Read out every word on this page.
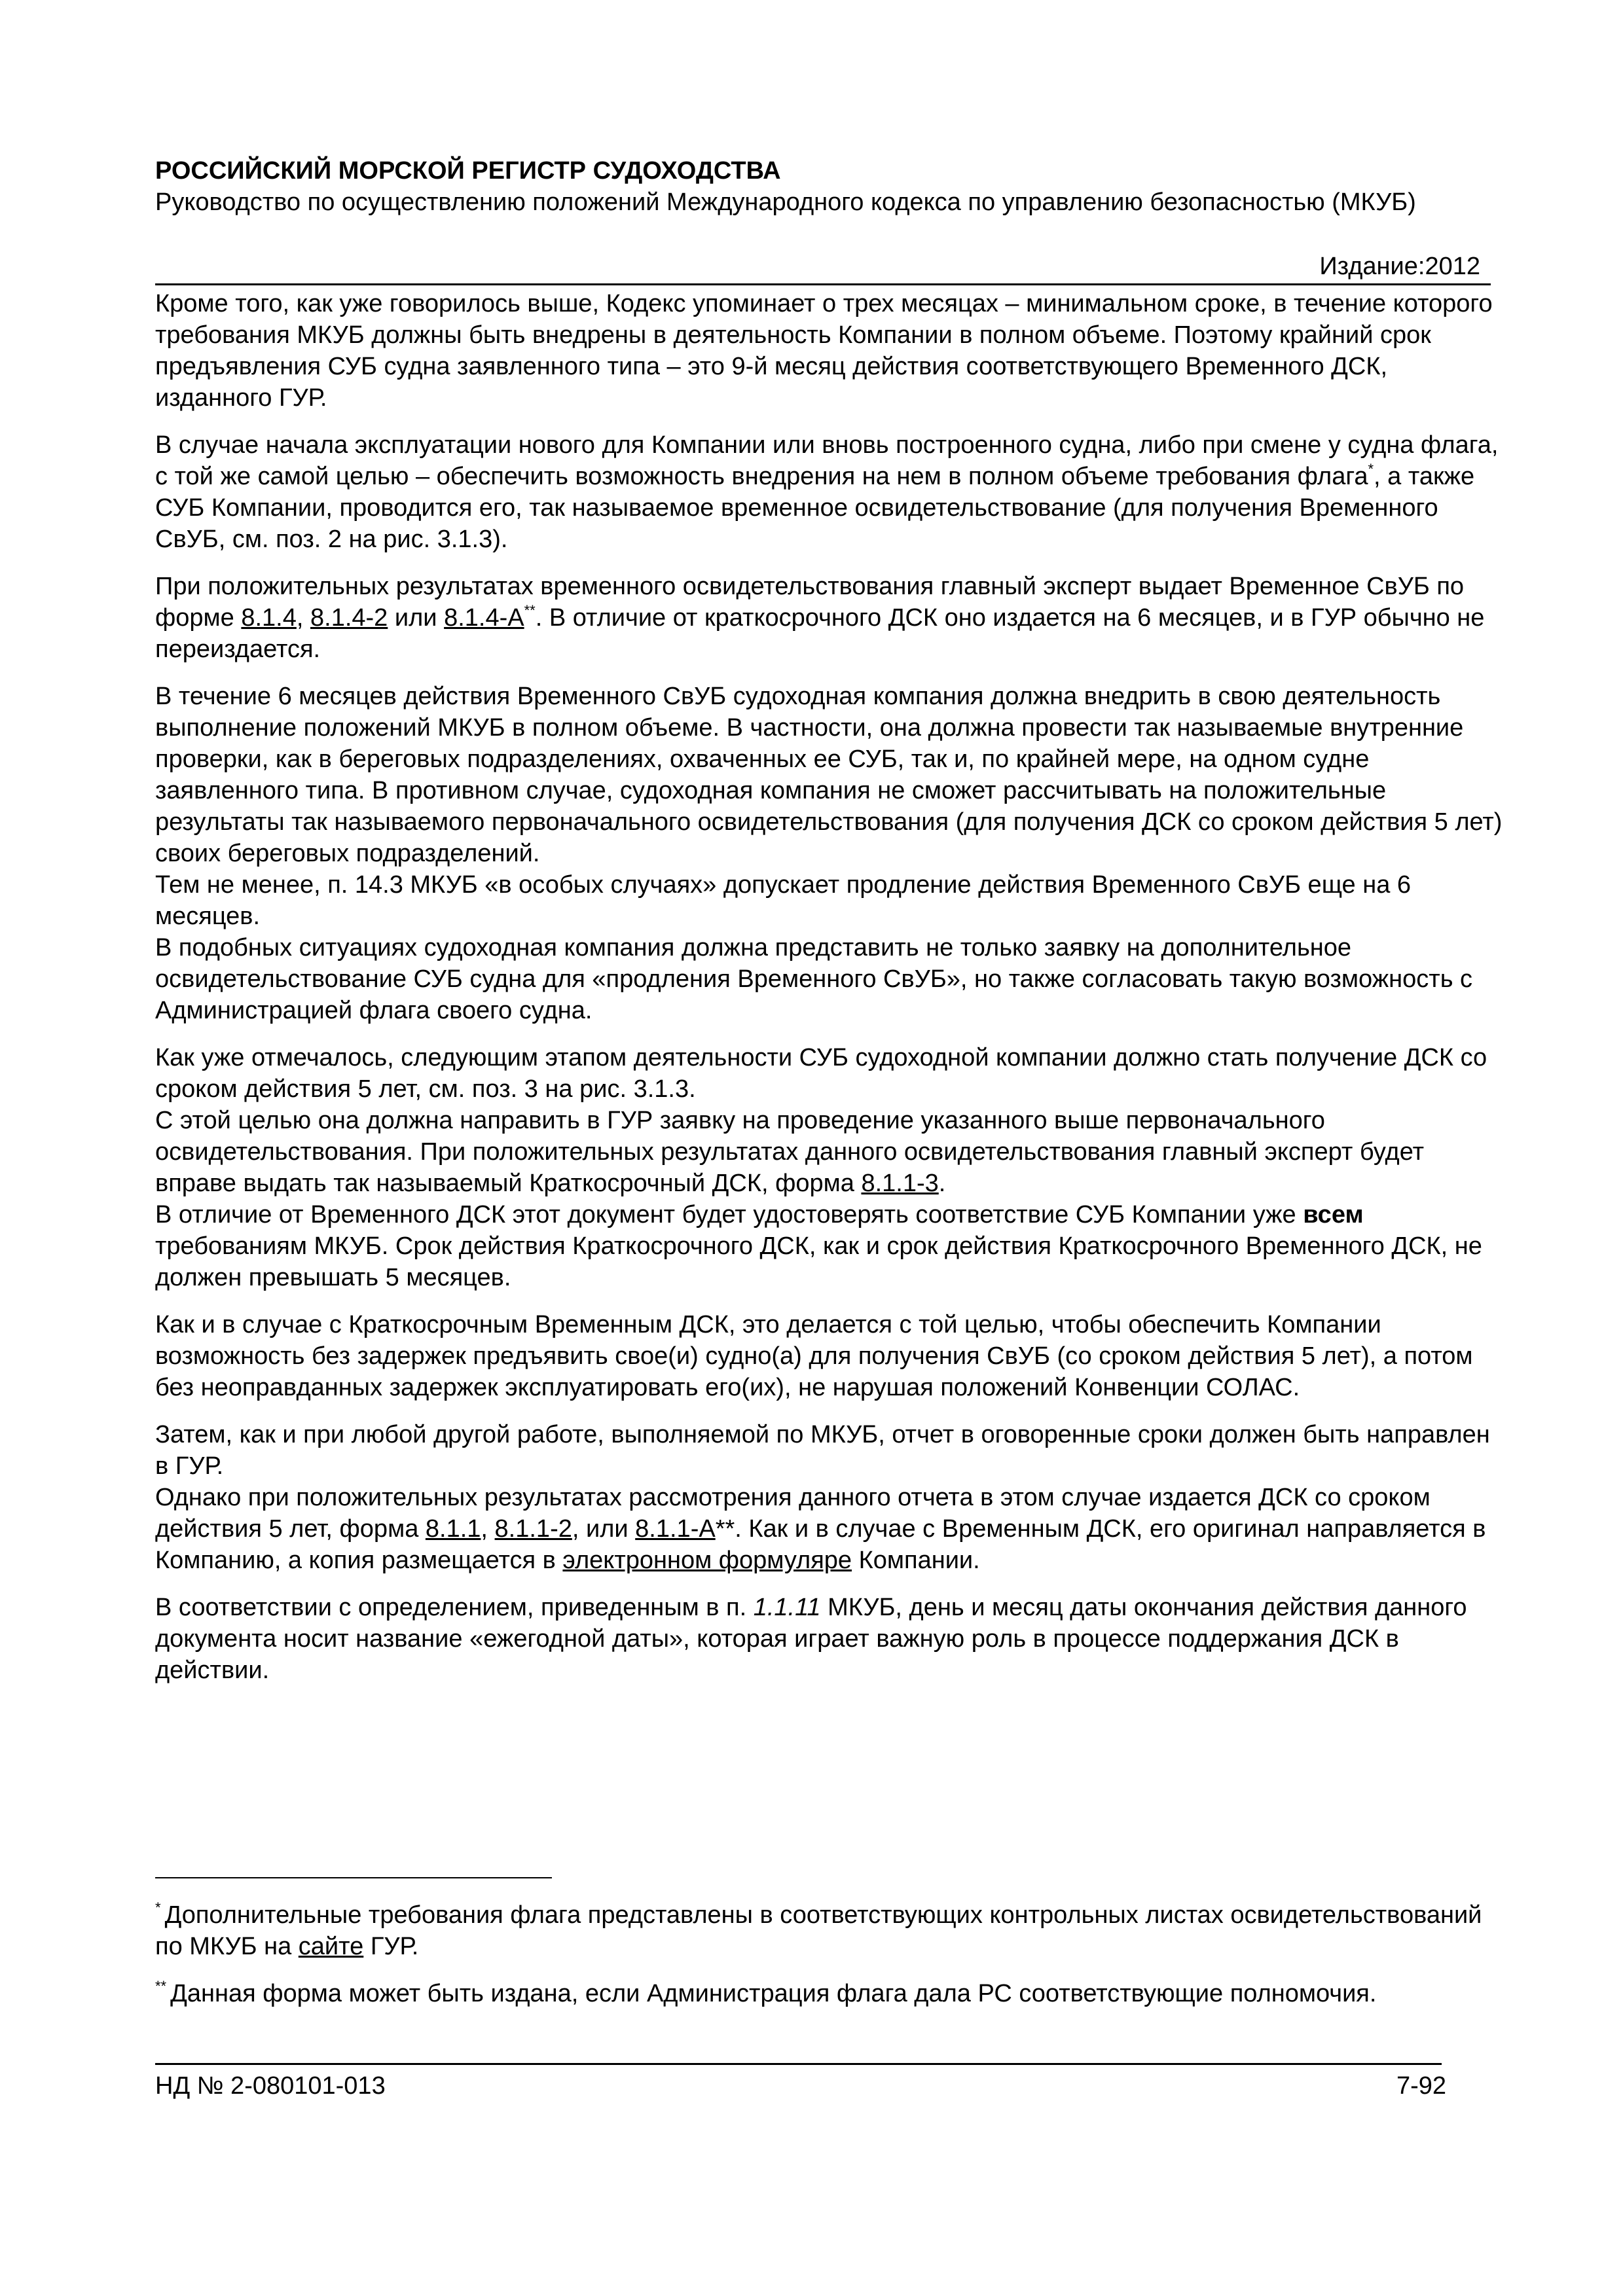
РОССИЙСКИЙ МОРСКОЙ РЕГИСТР СУДОХОДСТВА
Руководство по осуществлению положений Международного кодекса по управлению безопасностью (МКУБ)
Издание:2012

Кроме того, как уже говорилось выше, Кодекс упоминает о трех месяцах – минимальном сроке, в течение которого требования МКУБ должны быть внедрены в деятельность Компании в полном объеме. Поэтому крайний срок предъявления СУБ судна заявленного типа – это 9-й месяц действия соответствующего Временного ДСК, изданного ГУР.

В случае начала эксплуатации нового для Компании или вновь построенного судна, либо при смене у судна флага, с той же самой целью – обеспечить возможность внедрения на нем в полном объеме требования флага*, а также СУБ Компании, проводится его, так называемое временное освидетельствование (для получения Временного СвУБ, см. поз. 2 на рис. 3.1.3).

При положительных результатах временного освидетельствования главный эксперт выдает Временное СвУБ по форме 8.1.4, 8.1.4-2 или 8.1.4-A**. В отличие от краткосрочного ДСК оно издается на 6 месяцев, и в ГУР обычно не переиздается.

В течение 6 месяцев действия Временного СвУБ судоходная компания должна внедрить в свою деятельность выполнение положений МКУБ в полном объеме. В частности, она должна провести так называемые внутренние проверки, как в береговых подразделениях, охваченных ее СУБ, так и, по крайней мере, на одном судне заявленного типа. В противном случае, судоходная компания не сможет рассчитывать на положительные результаты так называемого первоначального освидетельствования (для получения ДСК со сроком действия 5 лет) своих береговых подразделений.

Тем не менее, п. 14.3 МКУБ «в особых случаях» допускает продление действия Временного СвУБ еще на 6 месяцев.

В подобных ситуациях судоходная компания должна представить не только заявку на дополнительное освидетельствование СУБ судна для «продления Временного СвУБ», но также согласовать такую возможность с Администрацией флага своего судна.

Как уже отмечалось, следующим этапом деятельности СУБ судоходной компании должно стать получение ДСК со сроком действия 5 лет, см. поз. 3 на рис. 3.1.3.

С этой целью она должна направить в ГУР заявку на проведение указанного выше первоначального освидетельствования. При положительных результатах данного освидетельствования главный эксперт будет вправе выдать так называемый Краткосрочный ДСК, форма 8.1.1-3.

В отличие от Временного ДСК этот документ будет удостоверять соответствие СУБ Компании уже всем требованиям МКУБ. Срок действия Краткосрочного ДСК, как и срок действия Краткосрочного Временного ДСК, не должен превышать 5 месяцев.

Как и в случае с Краткосрочным Временным ДСК, это делается с той целью, чтобы обеспечить Компании возможность без задержек предъявить свое(и) судно(а) для получения СвУБ (со сроком действия 5 лет), а потом без неоправданных задержек эксплуатировать его(их), не нарушая положений Конвенции СОЛАС.

Затем, как и при любой другой работе, выполняемой по МКУБ, отчет в оговоренные сроки должен быть направлен в ГУР.

Однако при положительных результатах рассмотрения данного отчета в этом случае издается ДСК со сроком действия 5 лет, форма 8.1.1, 8.1.1-2, или 8.1.1-A**. Как и в случае с Временным ДСК, его оригинал направляется в Компанию, а копия размещается в электронном формуляре Компании.

В соответствии с определением, приведенным в п. 1.1.11 МКУБ, день и месяц даты окончания действия данного документа носит название «ежегодной даты», которая играет важную роль в процессе поддержания ДСК в действии.

* Дополнительные требования флага представлены в соответствующих контрольных листах освидетельствований по МКУБ на сайте ГУР.
** Данная форма может быть издана, если Администрация флага дала РС соответствующие полномочия.
НД № 2-080101-013	7-92
